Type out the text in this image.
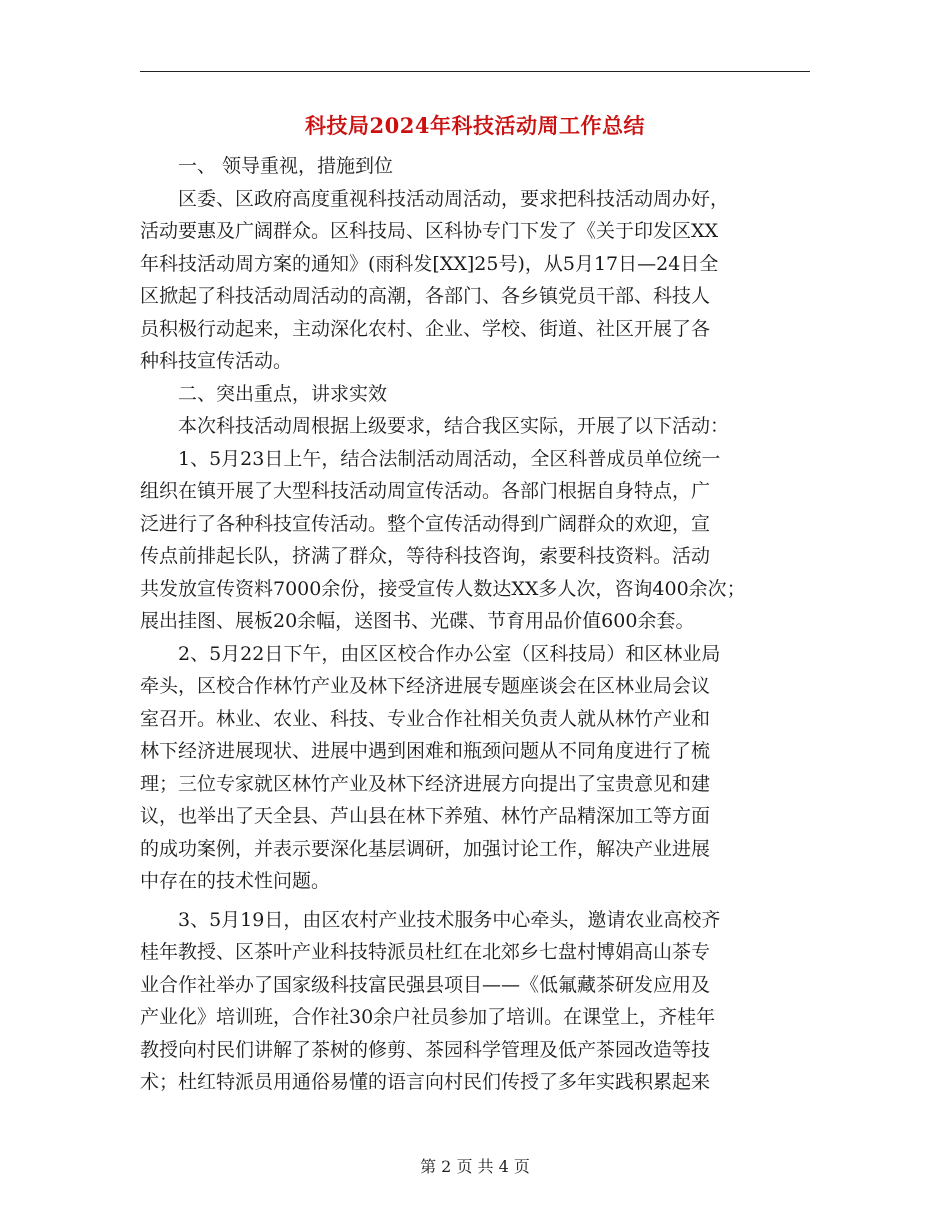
科技局2024年科技活动周工作总结
　　一、 领导重视，措施到位
　　区委、区政府高度重视科技活动周活动，要求把科技活动周办好，
活动要惠及广阔群众。区科技局、区科协专门下发了《关于印发区XX
年科技活动周方案的通知》(雨科发[XX]25号)，从5月17日—24日全
区掀起了科技活动周活动的高潮，各部门、各乡镇党员干部、科技人
员积极行动起来，主动深化农村、企业、学校、街道、社区开展了各
种科技宣传活动。
　　二、突出重点，讲求实效
　　本次科技活动周根据上级要求，结合我区实际，开展了以下活动：
　　1、5月23日上午，结合法制活动周活动，全区科普成员单位统一
组织在镇开展了大型科技活动周宣传活动。各部门根据自身特点，广
泛进行了各种科技宣传活动。整个宣传活动得到广阔群众的欢迎，宣
传点前排起长队，挤满了群众，等待科技咨询，索要科技资料。活动
共发放宣传资料7000余份，接受宣传人数达XX多人次，咨询400余次；
展出挂图、展板20余幅，送图书、光碟、节育用品价值600余套。
　　2、5月22日下午，由区区校合作办公室（区科技局）和区林业局
牵头，区校合作林竹产业及林下经济进展专题座谈会在区林业局会议
室召开。林业、农业、科技、专业合作社相关负责人就从林竹产业和
林下经济进展现状、进展中遇到困难和瓶颈问题从不同角度进行了梳
理；三位专家就区林竹产业及林下经济进展方向提出了宝贵意见和建
议，也举出了天全县、芦山县在林下养殖、林竹产品精深加工等方面
的成功案例，并表示要深化基层调研，加强讨论工作，解决产业进展
中存在的技术性问题。
　　3、5月19日，由区农村产业技术服务中心牵头，邀请农业高校齐
桂年教授、区茶叶产业科技特派员杜红在北郊乡七盘村博娟高山茶专
业合作社举办了国家级科技富民强县项目——《低氟藏茶研发应用及
产业化》培训班，合作社30余户社员参加了培训。在课堂上，齐桂年
教授向村民们讲解了茶树的修剪、茶园科学管理及低产茶园改造等技
术；杜红特派员用通俗易懂的语言向村民们传授了多年实践积累起来
第 2 页 共 4 页
